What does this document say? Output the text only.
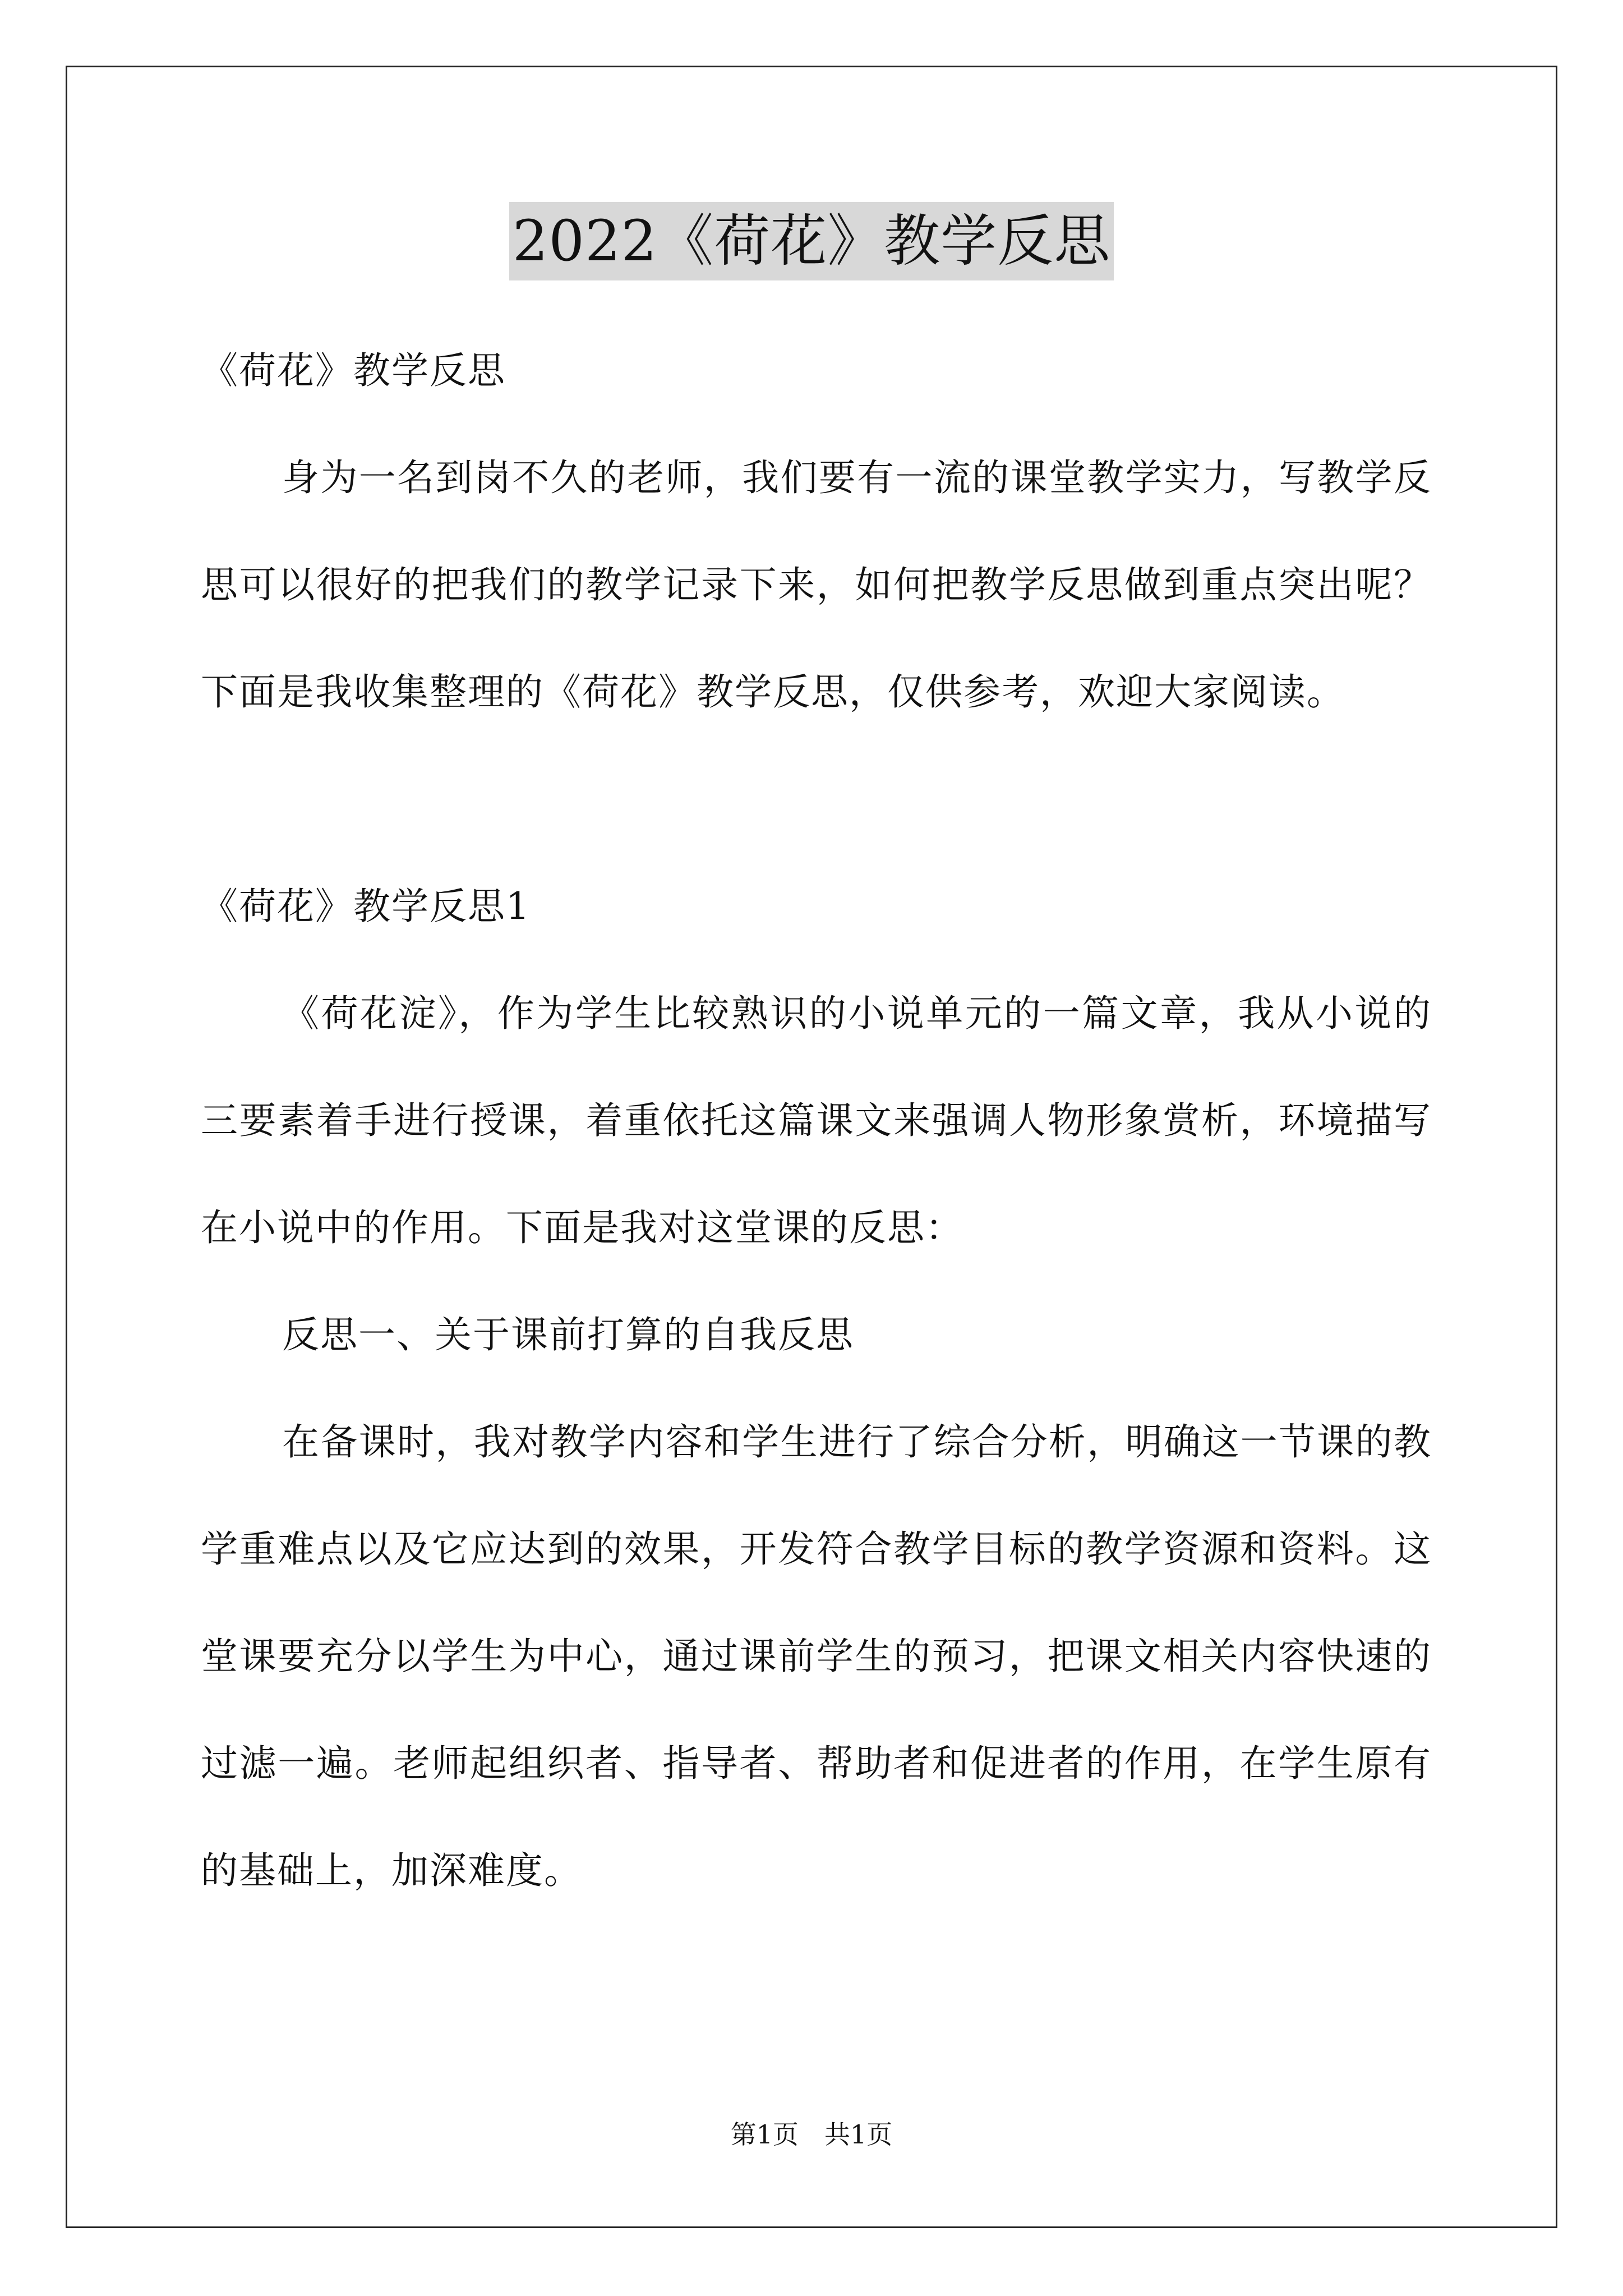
2022《荷花》教学反思

《荷花》教学反思

身为一名到岗不久的老师，我们要有一流的课堂教学实力，写教学反思可以很好的把我们的教学记录下来，如何把教学反思做到重点突出呢？下面是我收集整理的《荷花》教学反思，仅供参考，欢迎大家阅读。

《荷花》教学反思1

《荷花淀》，作为学生比较熟识的小说单元的一篇文章，我从小说的三要素着手进行授课，着重依托这篇课文来强调人物形象赏析，环境描写在小说中的作用。下面是我对这堂课的反思：

反思一、关于课前打算的自我反思

在备课时，我对教学内容和学生进行了综合分析，明确这一节课的教学重难点以及它应达到的效果，开发符合教学目标的教学资源和资料。这堂课要充分以学生为中心，通过课前学生的预习，把课文相关内容快速的过滤一遍。老师起组织者、指导者、帮助者和促进者的作用，在学生原有的基础上，加深难度。

第1页　共1页
